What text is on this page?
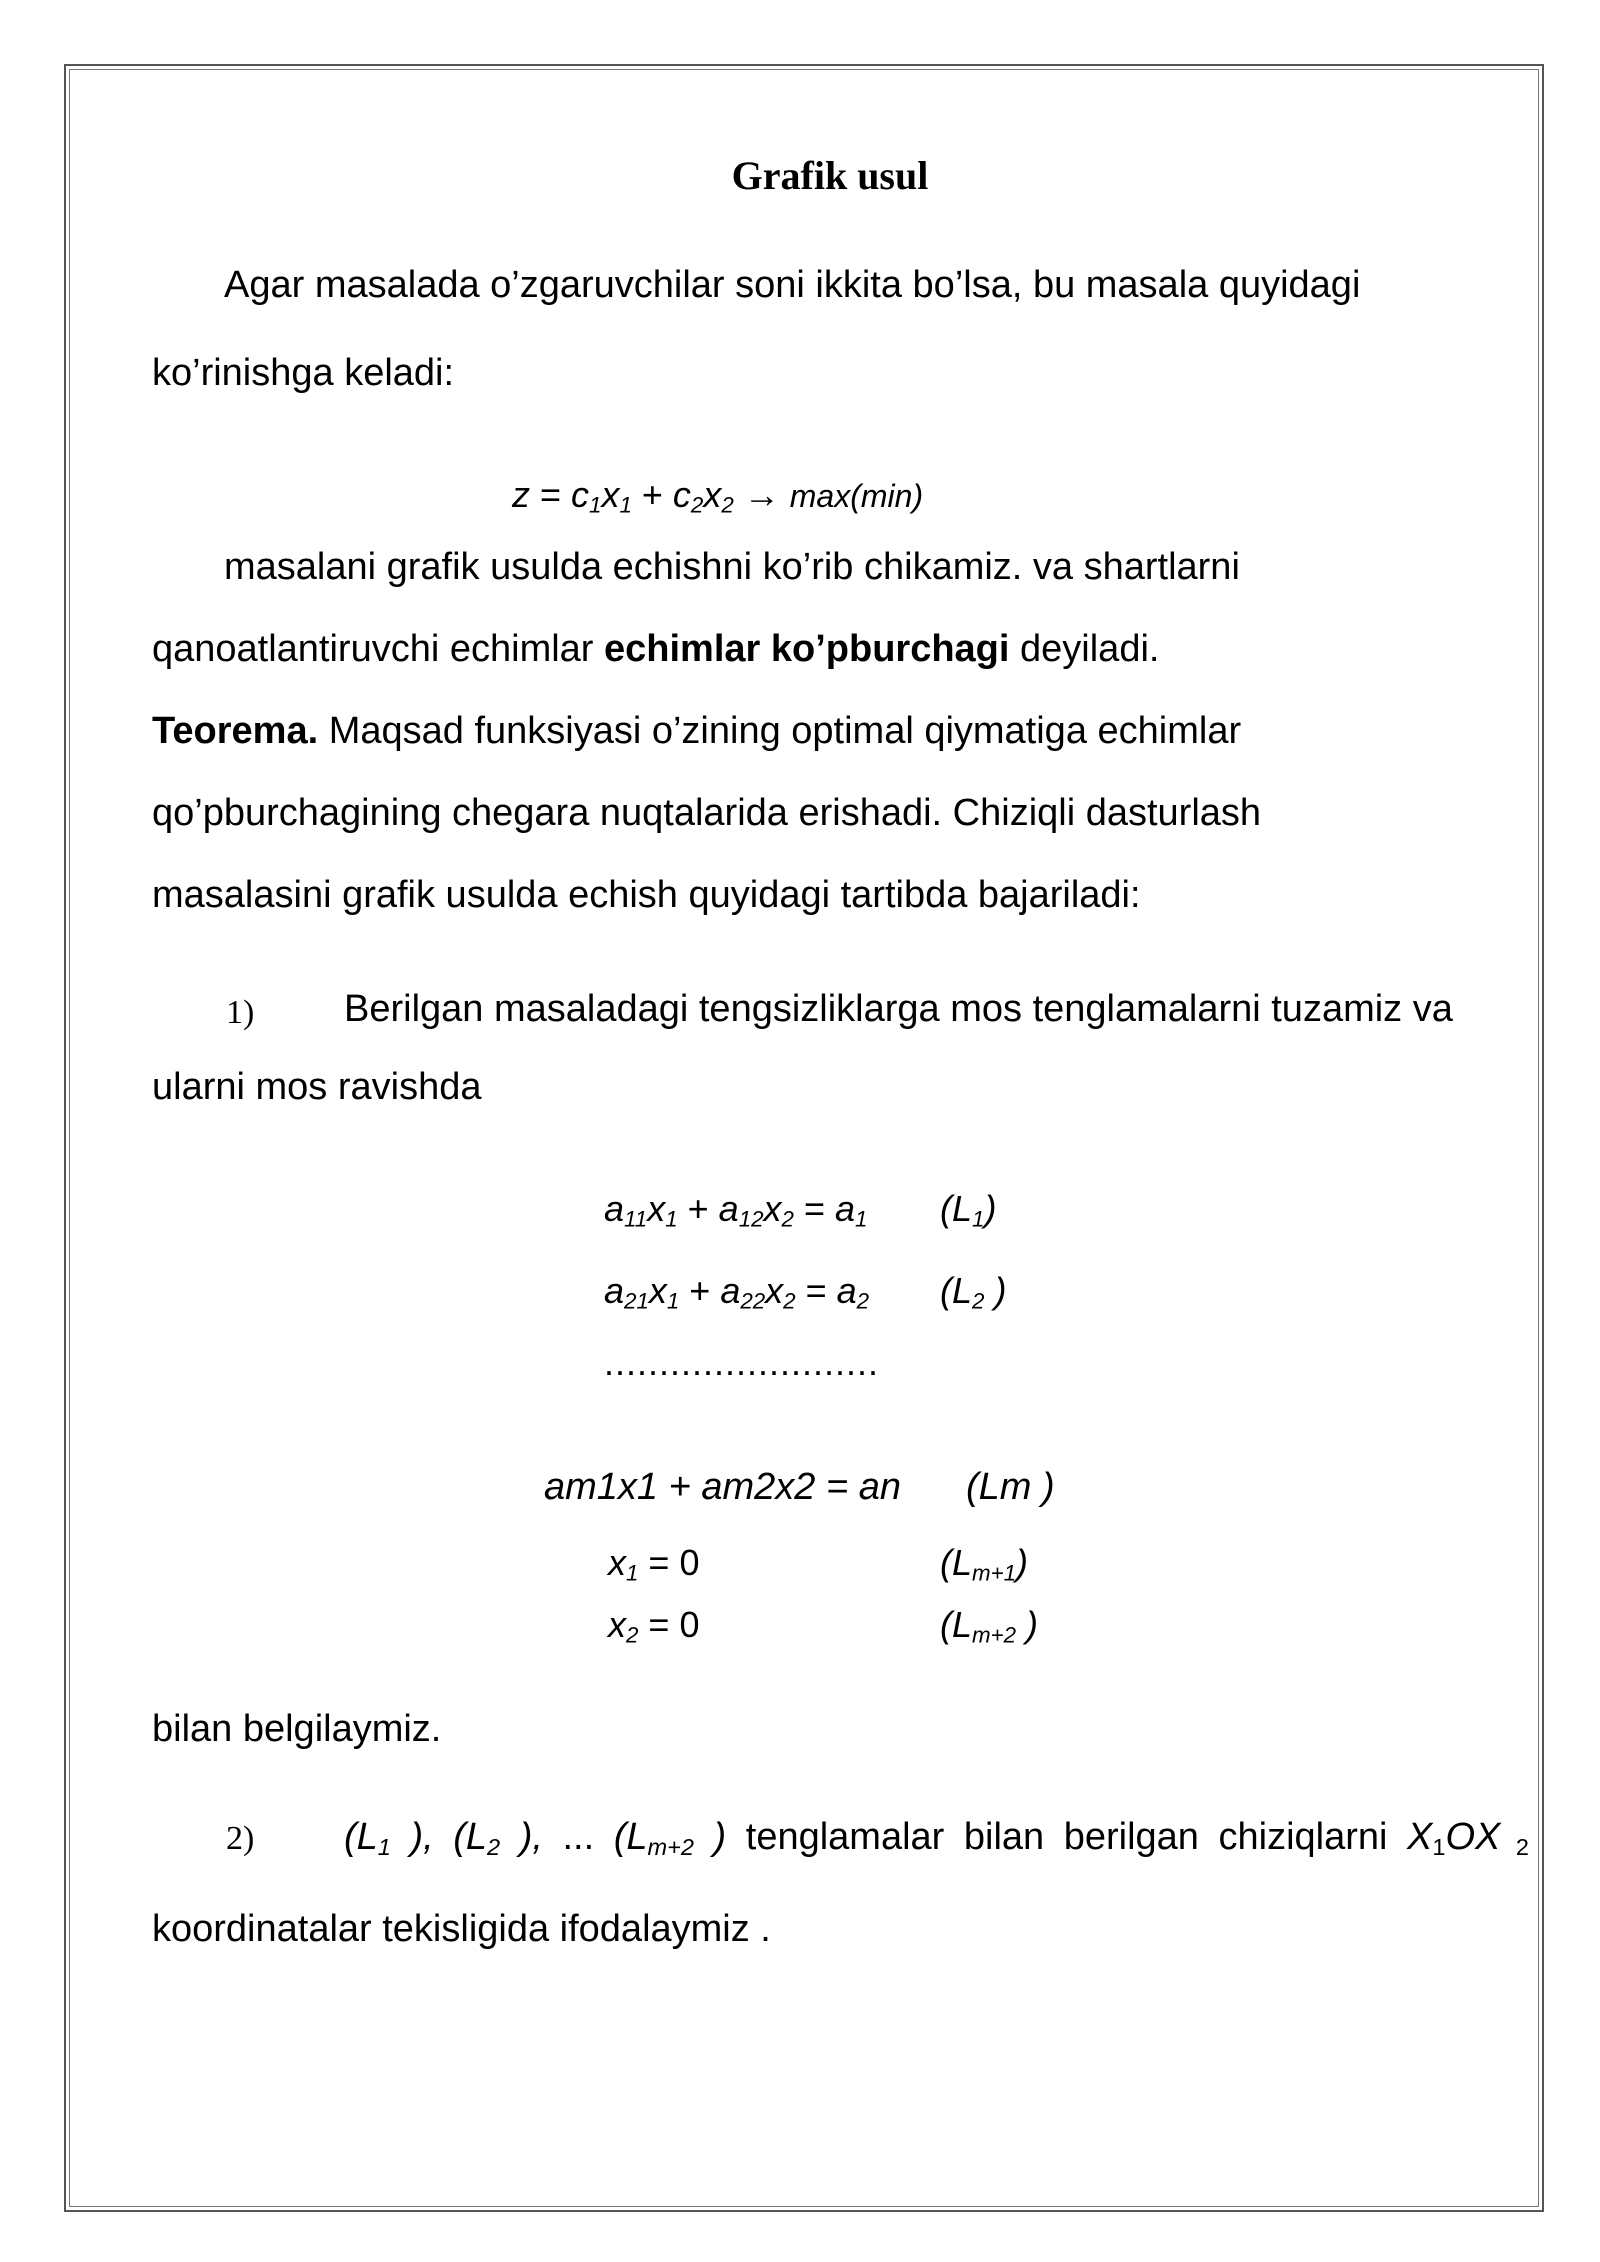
Grafik usul
Agar masalada o’zgaruvchilar soni ikkita bo’lsa, bu masala quyidagi
ko’rinishga keladi:
$z = c_1x_1 + c_2x_2 \to \max(\min)$
masalani grafik usulda echishni ko’rib chikamiz. va shartlarni
qanoatlantiruvchi echimlar echimlar ko’pburchagi deyiladi.
Teorema. Maqsad funksiyasi o’zining optimal qiymatiga echimlar
qo’pburchagining chegara nuqtalarida erishadi. Chiziqli dasturlash
masalasini grafik usulda echish quyidagi tartibda bajariladi:
1) Berilgan masaladagi tengsizliklarga mos tenglamalarni tuzamiz va
ularni mos ravishda
$a_{11}x_1 + a_{12}x_2 = a_1$ $(L_1)$
$a_{21}x_1 + a_{22}x_2 = a_2$ ($L_2$ )
.........................
am1x1 + am2x2 = an (Lm )
$x_1 = 0$	$(L_{m+1})$
$x_2 = 0$	($L_{m+2}$ )
bilan belgilaymiz.
2) ($L_1$ ), ($L_2$ ), ... ($L_{m+2}$ ) tenglamalar bilan berilgan chiziqlarni $X_1OX$ $_2$
koordinatalar tekisligida ifodalaymiz .
